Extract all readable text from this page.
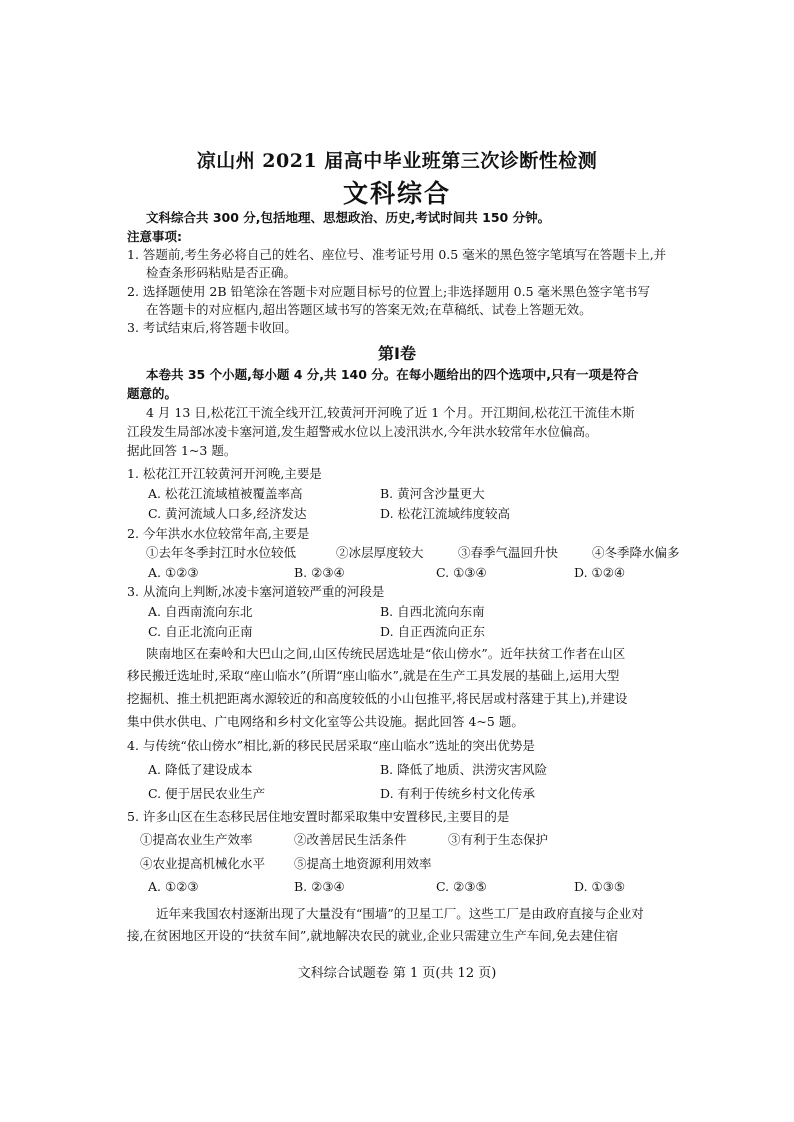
凉山州 2021 届高中毕业班第三次诊断性检测
文科综合
文科综合共 300 分,包括地理、思想政治、历史,考试时间共 150 分钟。
注意事项:
1. 答题前,考生务必将自己的姓名、座位号、准考证号用 0.5 毫米的黑色签字笔填写在答题卡上,并
检查条形码粘贴是否正确。
2. 选择题使用 2B 铅笔涂在答题卡对应题目标号的位置上;非选择题用 0.5 毫米黑色签字笔书写
在答题卡的对应框内,超出答题区域书写的答案无效;在草稿纸、试卷上答题无效。
3. 考试结束后,将答题卡收回。
第Ⅰ卷
本卷共 35 个小题,每小题 4 分,共 140 分。在每小题给出的四个选项中,只有一项是符合
题意的。
4 月 13 日,松花江干流全线开江,较黄河开河晚了近 1 个月。开江期间,松花江干流佳木斯
江段发生局部冰凌卡塞河道,发生超警戒水位以上凌汛洪水,今年洪水较常年水位偏高。
据此回答 1~3 题。
1. 松花江开江较黄河开河晚,主要是
A. 松花江流域植被覆盖率高	B. 黄河含沙量更大
C. 黄河流域人口多,经济发达	D. 松花江流域纬度较高
2. 今年洪水水位较常年高,主要是
①去年冬季封江时水位较低	②冰层厚度较大	③春季气温回升快	④冬季降水偏多
A. ①②③	B. ②③④	C. ①③④	D. ①②④
3. 从流向上判断,冰凌卡塞河道较严重的河段是
A. 自西南流向东北	B. 自西北流向东南
C. 自正北流向正南	D. 自正西流向正东
陕南地区在秦岭和大巴山之间,山区传统民居选址是“依山傍水”。近年扶贫工作者在山区
移民搬迁选址时,采取“座山临水”(所谓“座山临水”,就是在生产工具发展的基础上,运用大型
挖掘机、推土机把距离水源较近的和高度较低的小山包推平,将民居或村落建于其上),并建设
集中供水供电、广电网络和乡村文化室等公共设施。据此回答 4~5 题。
4. 与传统“依山傍水”相比,新的移民民居采取“座山临水”选址的突出优势是
A. 降低了建设成本	B. 降低了地质、洪涝灾害风险
C. 便于居民农业生产	D. 有利于传统乡村文化传承
5. 许多山区在生态移民居住地安置时都采取集中安置移民,主要目的是
①提高农业生产效率	②改善居民生活条件	③有利于生态保护
④农业提高机械化水平 ⑤提高土地资源利用效率
A. ①②③	B. ②③④	C. ②③⑤	D. ①③⑤
近年来我国农村逐渐出现了大量没有“围墙”的卫星工厂。这些工厂是由政府直接与企业对
接,在贫困地区开设的“扶贫车间”,就地解决农民的就业,企业只需建立生产车间,免去建住宿
文科综合试题卷 第 1 页(共 12 页)
